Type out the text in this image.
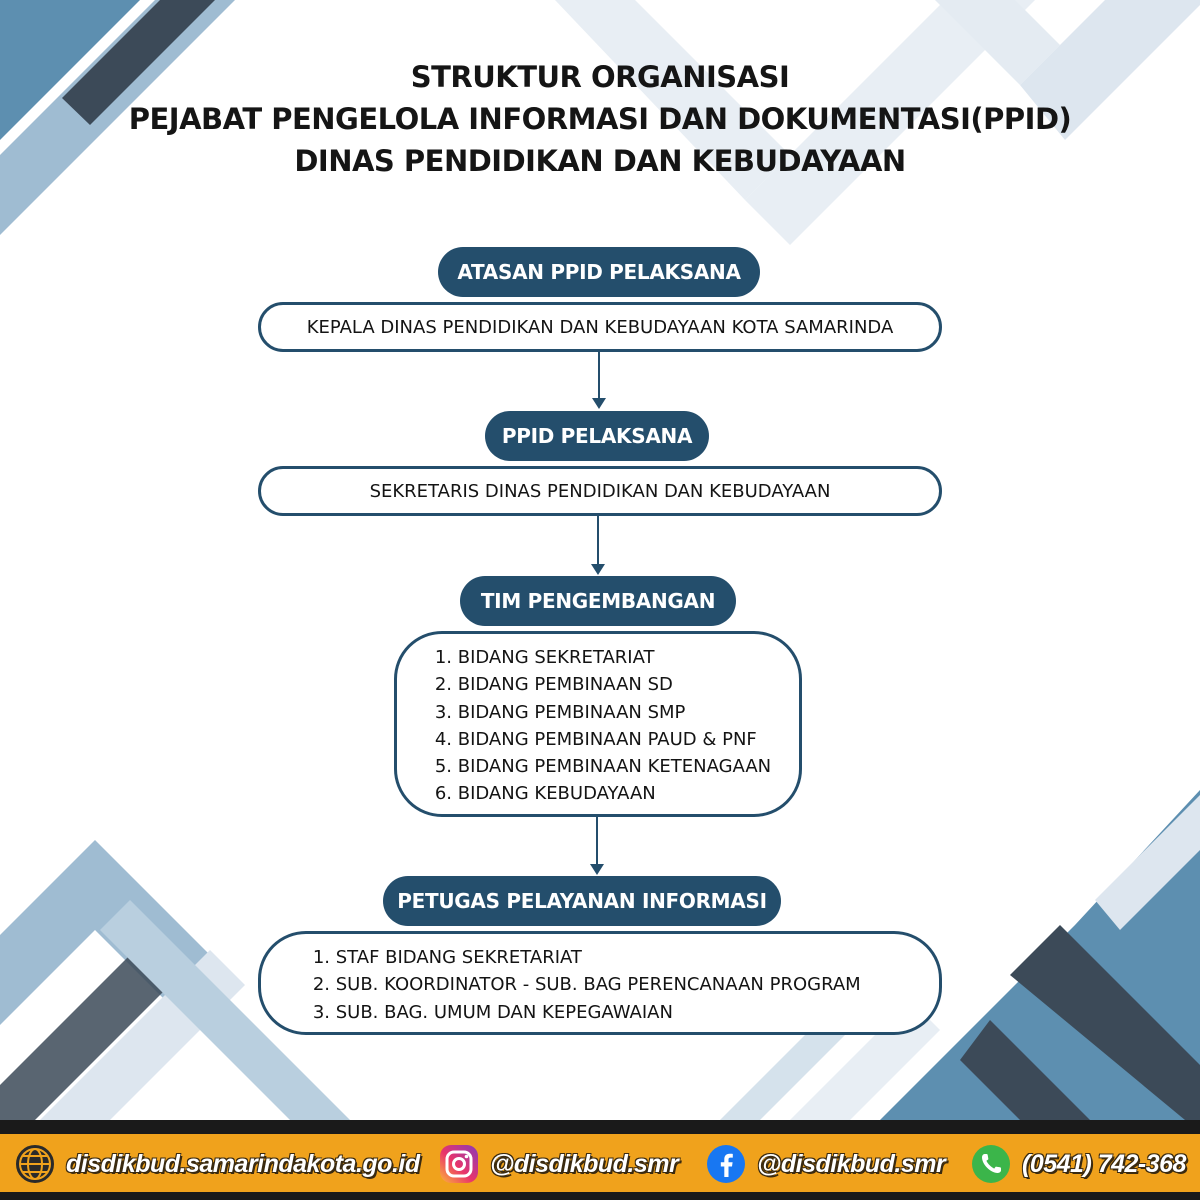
STRUKTUR ORGANISASI
PEJABAT PENGELOLA INFORMASI DAN DOKUMENTASI(PPID)
DINAS PENDIDIKAN DAN KEBUDAYAAN
ATASAN PPID PELAKSANA
KEPALA DINAS PENDIDIKAN DAN KEBUDAYAAN KOTA SAMARINDA
PPID PELAKSANA
SEKRETARIS DINAS PENDIDIKAN DAN KEBUDAYAAN
TIM PENGEMBANGAN
1. BIDANG SEKRETARIAT
2. BIDANG PEMBINAAN SD
3. BIDANG PEMBINAAN SMP
4. BIDANG PEMBINAAN PAUD & PNF
5. BIDANG PEMBINAAN KETENAGAAN
6. BIDANG KEBUDAYAAN
PETUGAS PELAYANAN INFORMASI
1. STAF BIDANG SEKRETARIAT
2. SUB. KOORDINATOR - SUB. BAG PERENCANAAN PROGRAM
3. SUB. BAG. UMUM DAN KEPEGAWAIAN
disdikbud.samarindakota.go.id	@disdikbud.smr	@disdikbud.smr	(0541) 742-368
